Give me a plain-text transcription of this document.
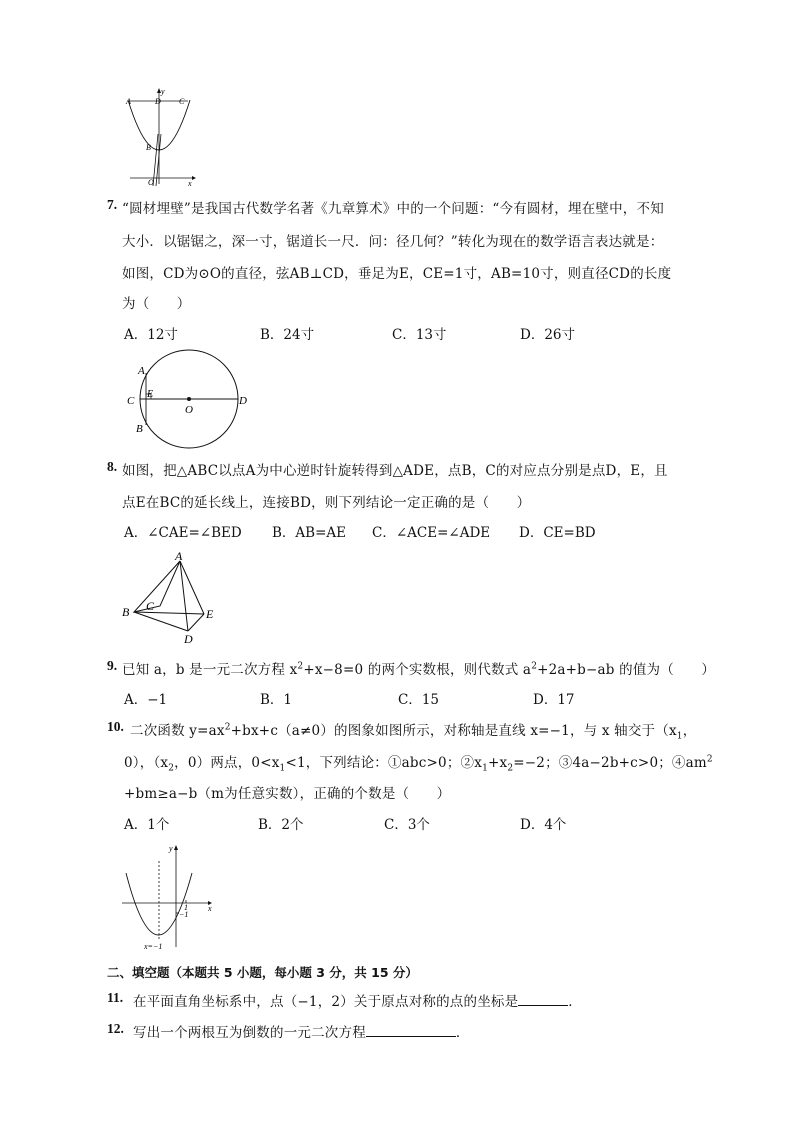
A
y
D C
B
O	x
7. “圆材埋壁”是我国古代数学名著《九章算术》中的一个问题：“今有圆材，埋在壁中，不知
大小．以锯锯之，深一寸，锯道长一尺．问：径几何？”转化为现在的数学语言表达就是：
如图，CD为⊙O的直径，弦AB⊥CD，垂足为E，CE=1寸，AB=10寸，则直径CD的长度
为（　　）
A．12寸	B．24寸	C．13寸	D．26寸
A
C
E
O
D
B
8. 如图，把△ABC以点A为中心逆时针旋转得到△ADE，点B，C的对应点分别是点D，E，且
点E在BC的延长线上，连接BD，则下列结论一定正确的是（　　）
A．∠CAE=∠BED B．AB=AE C．∠ACE=∠ADE D．CE=BD
A
B C
E
D
9. 已知 a，b 是一元二次方程 $x^2+x-8=0$ 的两个实数根，则代数式 $a^2+2a+b-ab$ 的值为（　　）
A．−1	B．1	C．15	D．17
10. 二次函数 $y=ax^2+bx+c(a\ne 0)$的图象如图所示，对称轴是直线 x=−1，与 x 轴交于（$x_1$，
0），（$x_2$，0）两点，$0<x_1<1$，下列结论：①abc>0；$②x_1+x_2=-2$；③4a−2b+c>0；$④am^2$
+bm≥a−b（m为任意实数），正确的个数是（　　）
A．1个	B．2个	C．3个	D．4个
y
x
1
−1
x=−1
二、填空题（本题共 5 小题，每小题 3 分，共 15 分）
11. 在平面直角坐标系中，点（−1，2）关于原点对称的点的坐标是	．
12. 写出一个两根互为倒数的一元二次方程	．
